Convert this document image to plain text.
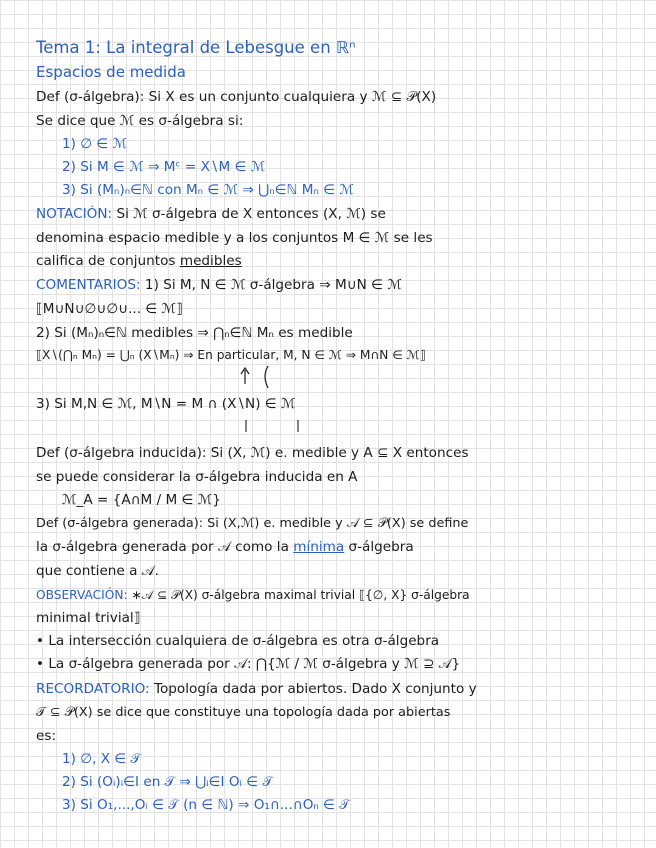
Tema 1: La integral de Lebesgue en ℝⁿ
Espacios de medida
Def (σ-álgebra): Si X es un conjunto cualquiera y ℳ ⊆ 𝒫(X)
Se dice que ℳ es σ-álgebra si:
1) ∅ ∈ ℳ
2) Si M ∈ ℳ ⇒ Mᶜ = X∖M ∈ ℳ
3) Si (Mₙ)ₙ∈ℕ con Mₙ ∈ ℳ ⇒ ⋃ₙ∈ℕ Mₙ ∈ ℳ
NOTACIÓN: Si ℳ σ-álgebra de X entonces (X, ℳ) se
denomina espacio medible y a los conjuntos M ∈ ℳ se les
califica de conjuntos medibles
COMENTARIOS: 1) Si M, N ∈ ℳ σ-álgebra ⇒ M∪N ∈ ℳ
⟦M∪N∪∅∪∅∪... ∈ ℳ⟧
2) Si (Mₙ)ₙ∈ℕ medibles ⇒ ⋂ₙ∈ℕ Mₙ es medible
⟦X∖(⋂ₙ Mₙ) = ⋃ₙ (X∖Mₙ) ⇒ En particular, M, N ∈ ℳ ⇒ M∩N ∈ ℳ⟧
3) Si M,N ∈ ℳ, M∖N = M ∩ (X∖N) ∈ ℳ
Def (σ-álgebra inducida): Si (X, ℳ) e. medible y A ⊆ X entonces
se puede considerar la σ-álgebra inducida en A
ℳ_A = {A∩M / M ∈ ℳ}
Def (σ-álgebra generada): Si (X,ℳ) e. medible y 𝒜 ⊆ 𝒫(X) se define
la σ-álgebra generada por 𝒜 como la mínima σ-álgebra
que contiene a 𝒜.
OBSERVACIÓN: ∗𝒜 ⊆ 𝒫(X) σ-álgebra maximal trivial ⟦{∅, X} σ-álgebra
minimal trivial⟧
• La intersección cualquiera de σ-álgebra es otra σ-álgebra
• La σ-álgebra generada por 𝒜: ⋂{ℳ / ℳ σ-álgebra y ℳ ⊇ 𝒜}
RECORDATORIO: Topología dada por abiertos. Dado X conjunto y
𝒯 ⊆ 𝒫(X) se dice que constituye una topología dada por abiertas
es:
1) ∅, X ∈ 𝒯
2) Si (Oᵢ)ᵢ∈I en 𝒯 ⇒ ⋃ᵢ∈I Oᵢ ∈ 𝒯
3) Si O₁,...,Oᵢ ∈ 𝒯 (n ∈ ℕ) ⇒ O₁∩...∩Oₙ ∈ 𝒯
